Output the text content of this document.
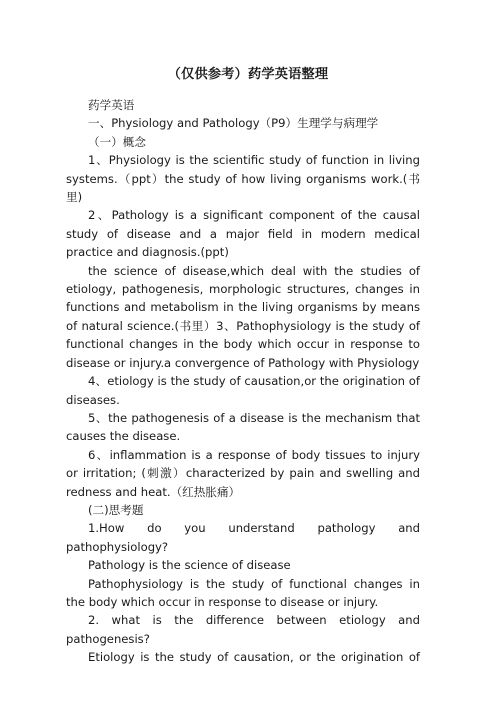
（仅供参考）药学英语整理

药学英语

一、Physiology and Pathology（P9）生理学与病理学

（一）概念

1、Physiology is the scientific study of function in living systems.（ppt）the study of how living organisms work.(书里)

2、Pathology is a significant component of the causal study of disease and a major field in modern medical practice and diagnosis.(ppt)

the science of disease,which deal with the studies of etiology, pathogenesis, morphologic structures, changes in functions and metabolism in the living organisms by means of natural science.(书里）3、Pathophysiology is the study of functional changes in the body which occur in response to disease or injury.a convergence of Pathology with Physiology

4、etiology is the study of causation,or the origination of diseases.

5、the pathogenesis of a disease is the mechanism that causes the disease.

6、inflammation is a response of body tissues to injury or irritation; (刺激）characterized by pain and swelling and redness and heat.（红热胀痛）

(二)思考题

1.How do you understand pathology and pathophysiology?

Pathology is the science of disease

Pathophysiology is the study of functional changes in the body which occur in response to disease or injury.

2. what is the difference between etiology and pathogenesis?

Etiology is the study of causation, or the origination of
